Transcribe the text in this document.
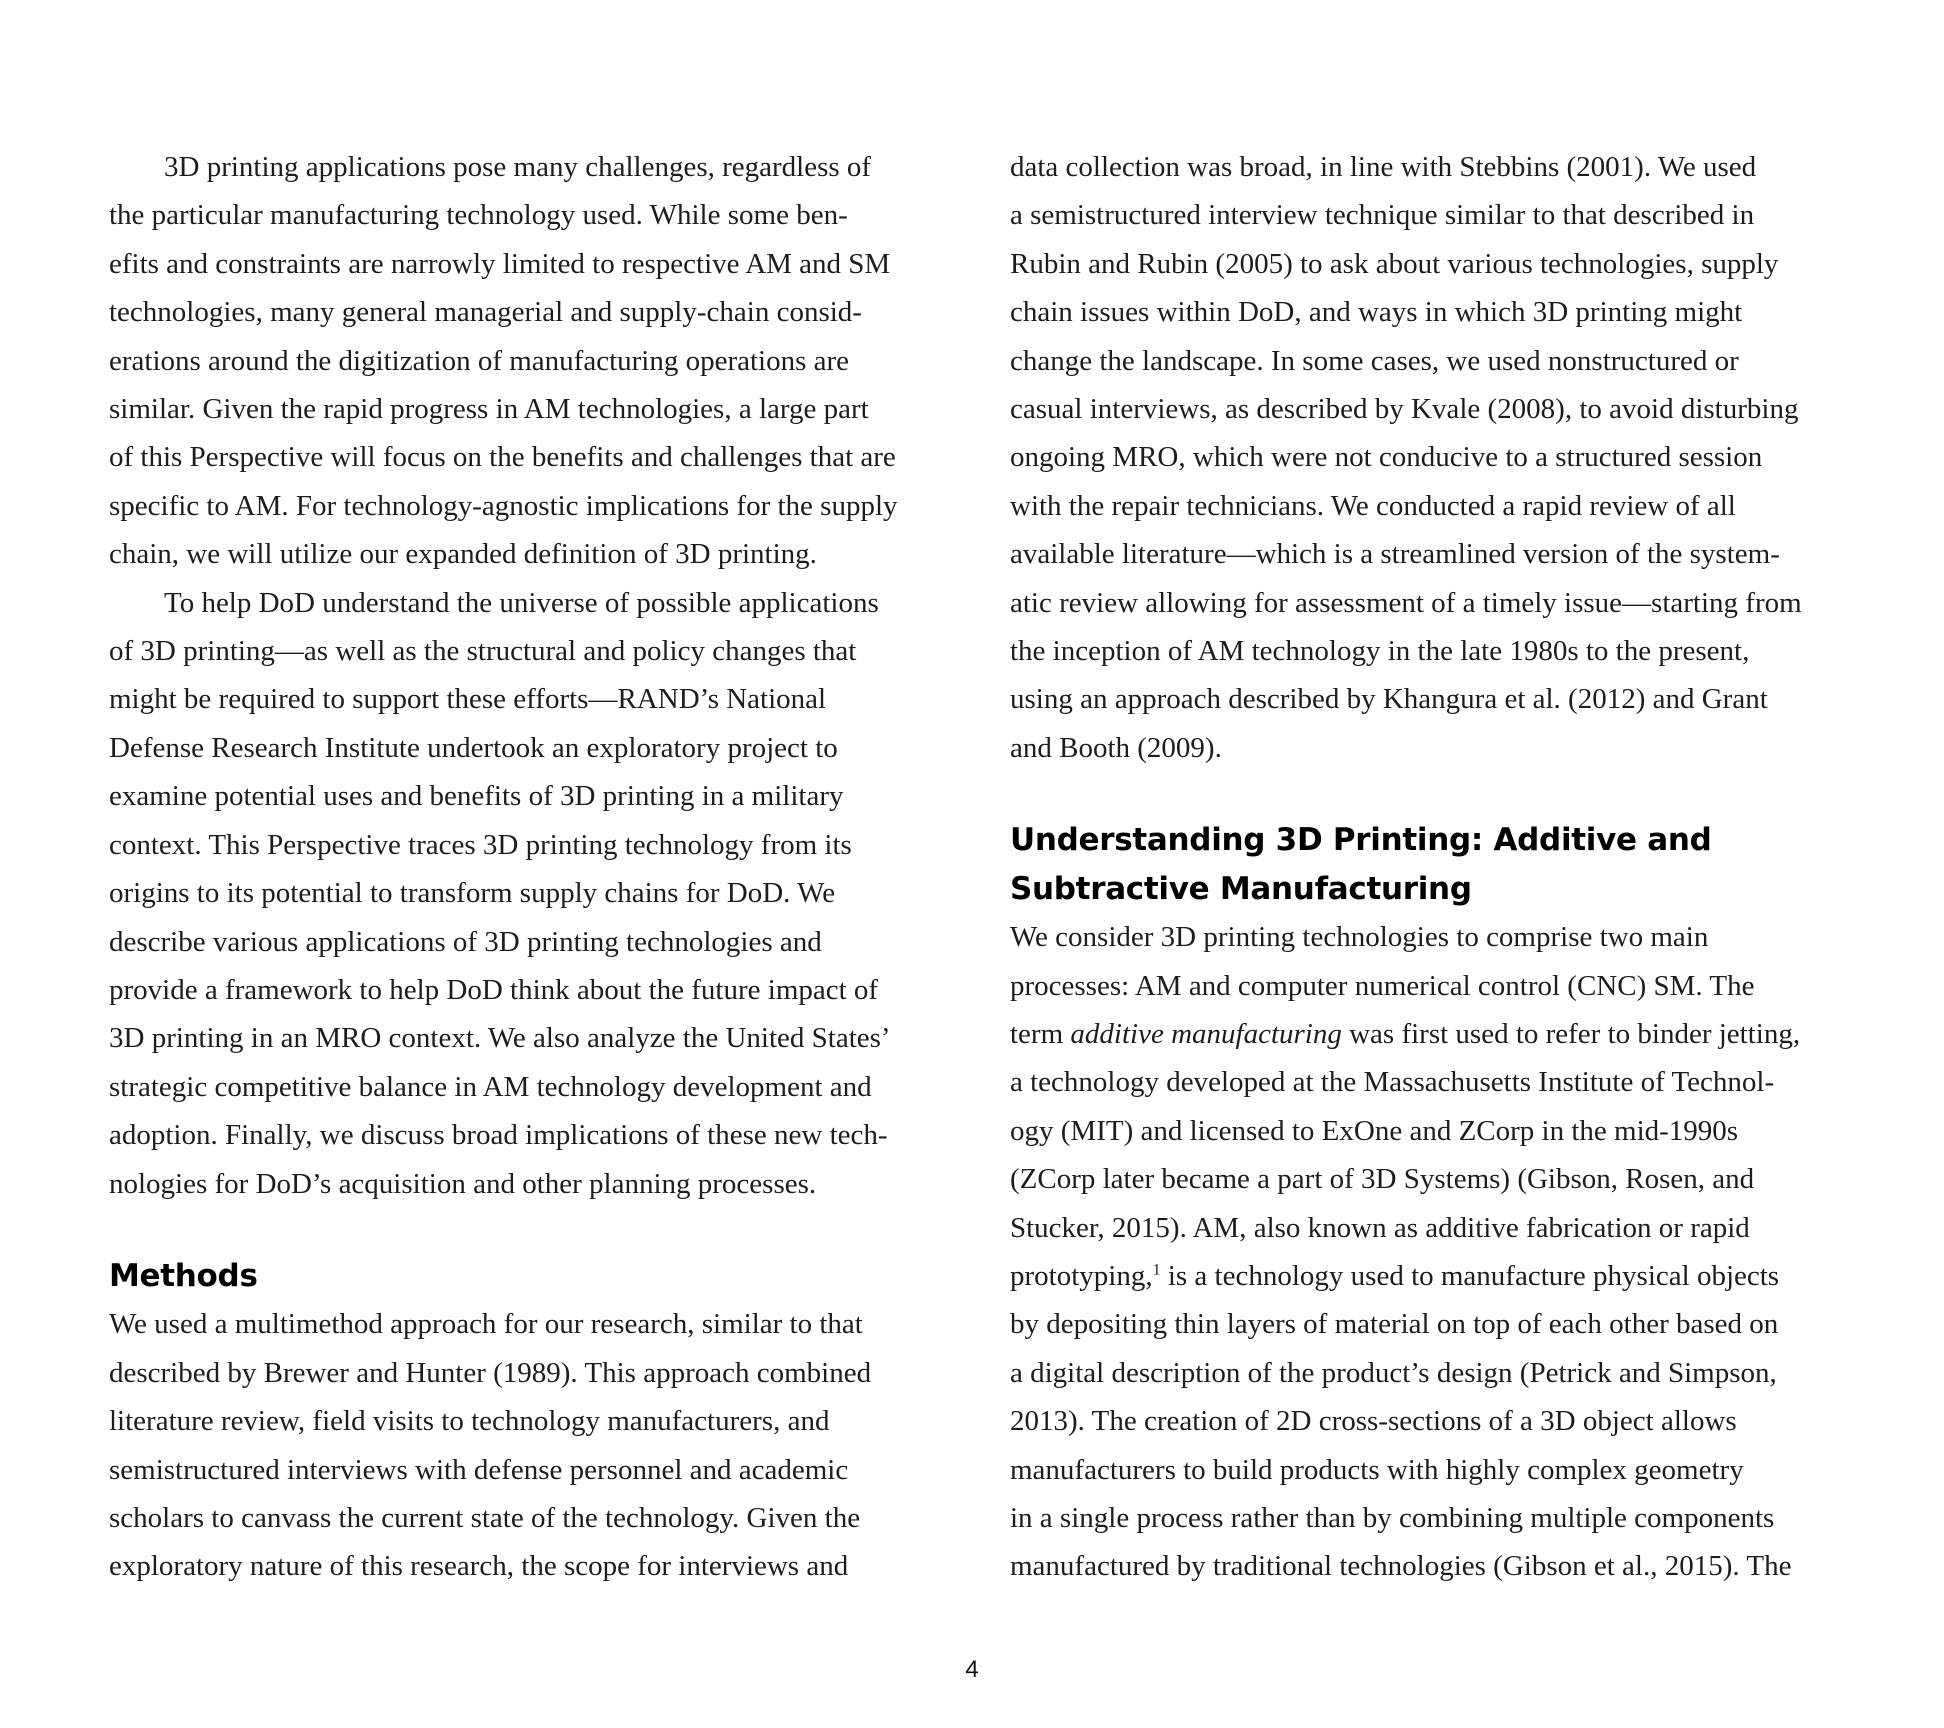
3D printing applications pose many challenges, regardless of
the particular manufacturing technology used. While some ben-
efits and constraints are narrowly limited to respective AM and SM
technologies, many general managerial and supply-chain consid-
erations around the digitization of manufacturing operations are
similar. Given the rapid progress in AM technologies, a large part
of this Perspective will focus on the benefits and challenges that are
specific to AM. For technology-agnostic implications for the supply
chain, we will utilize our expanded definition of 3D printing.

To help DoD understand the universe of possible applications
of 3D printing—as well as the structural and policy changes that
might be required to support these efforts—RAND’s National
Defense Research Institute undertook an exploratory project to
examine potential uses and benefits of 3D printing in a military
context. This Perspective traces 3D printing technology from its
origins to its potential to transform supply chains for DoD. We
describe various applications of 3D printing technologies and
provide a framework to help DoD think about the future impact of
3D printing in an MRO context. We also analyze the United States’
strategic competitive balance in AM technology development and
adoption. Finally, we discuss broad implications of these new tech-
nologies for DoD’s acquisition and other planning processes.

Methods

We used a multimethod approach for our research, similar to that
described by Brewer and Hunter (1989). This approach combined
literature review, field visits to technology manufacturers, and
semistructured interviews with defense personnel and academic
scholars to canvass the current state of the technology. Given the
exploratory nature of this research, the scope for interviews and

data collection was broad, in line with Stebbins (2001). We used
a semistructured interview technique similar to that described in
Rubin and Rubin (2005) to ask about various technologies, supply
chain issues within DoD, and ways in which 3D printing might
change the landscape. In some cases, we used nonstructured or
casual interviews, as described by Kvale (2008), to avoid disturbing
ongoing MRO, which were not conducive to a structured session
with the repair technicians. We conducted a rapid review of all
available literature—which is a streamlined version of the system-
atic review allowing for assessment of a timely issue—starting from
the inception of AM technology in the late 1980s to the present,
using an approach described by Khangura et al. (2012) and Grant
and Booth (2009).

Understanding 3D Printing: Additive and
Subtractive Manufacturing

We consider 3D printing technologies to comprise two main
processes: AM and computer numerical control (CNC) SM. The
term additive manufacturing was first used to refer to binder jetting,
a technology developed at the Massachusetts Institute of Technol-
ogy (MIT) and licensed to ExOne and ZCorp in the mid-1990s
(ZCorp later became a part of 3D Systems) (Gibson, Rosen, and
Stucker, 2015). AM, also known as additive fabrication or rapid
prototyping,$^1$ is a technology used to manufacture physical objects
by depositing thin layers of material on top of each other based on
a digital description of the product’s design (Petrick and Simpson,
2013). The creation of 2D cross-sections of a 3D object allows
manufacturers to build products with highly complex geometry
in a single process rather than by combining multiple components
manufactured by traditional technologies (Gibson et al., 2015). The

4
